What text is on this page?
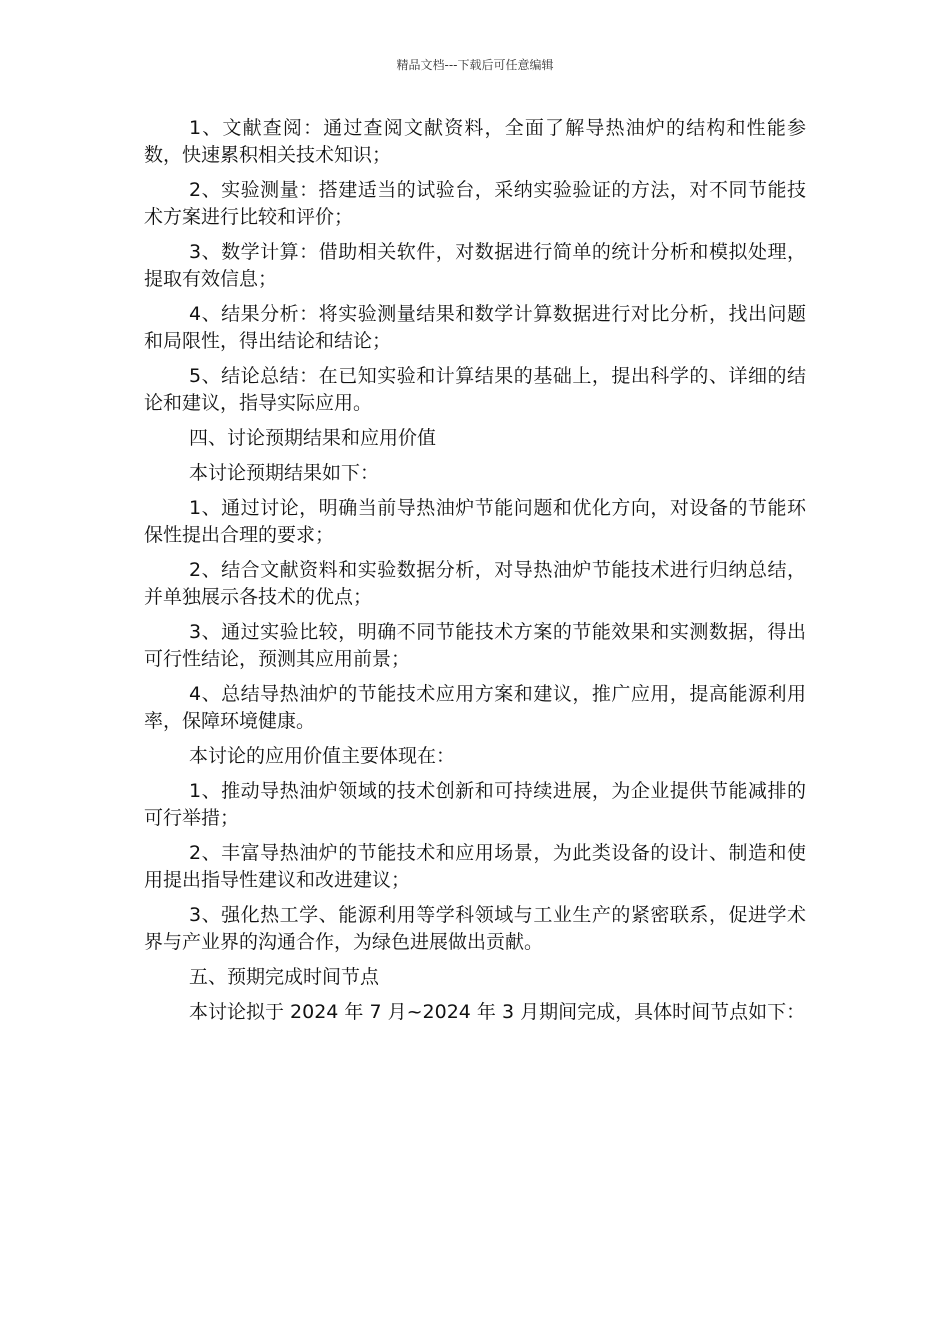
精品文档---下载后可任意编辑

1、文献查阅：通过查阅文献资料，全面了解导热油炉的结构和性能参数，快速累积相关技术知识；

2、实验测量：搭建适当的试验台，采纳实验验证的方法，对不同节能技术方案进行比较和评价；

3、数学计算：借助相关软件，对数据进行简单的统计分析和模拟处理，提取有效信息；

4、结果分析：将实验测量结果和数学计算数据进行对比分析，找出问题和局限性，得出结论和结论；

5、结论总结：在已知实验和计算结果的基础上，提出科学的、详细的结论和建议，指导实际应用。

四、讨论预期结果和应用价值

本讨论预期结果如下：

1、通过讨论，明确当前导热油炉节能问题和优化方向，对设备的节能环保性提出合理的要求；

2、结合文献资料和实验数据分析，对导热油炉节能技术进行归纳总结，并单独展示各技术的优点；

3、通过实验比较，明确不同节能技术方案的节能效果和实测数据，得出可行性结论，预测其应用前景；

4、总结导热油炉的节能技术应用方案和建议，推广应用，提高能源利用率，保障环境健康。

本讨论的应用价值主要体现在：

1、推动导热油炉领域的技术创新和可持续进展，为企业提供节能减排的可行举措；

2、丰富导热油炉的节能技术和应用场景，为此类设备的设计、制造和使用提出指导性建议和改进建议；

3、强化热工学、能源利用等学科领域与工业生产的紧密联系，促进学术界与产业界的沟通合作，为绿色进展做出贡献。

五、预期完成时间节点

本讨论拟于 2024 年 7 月~2024 年 3 月期间完成，具体时间节点如下：
